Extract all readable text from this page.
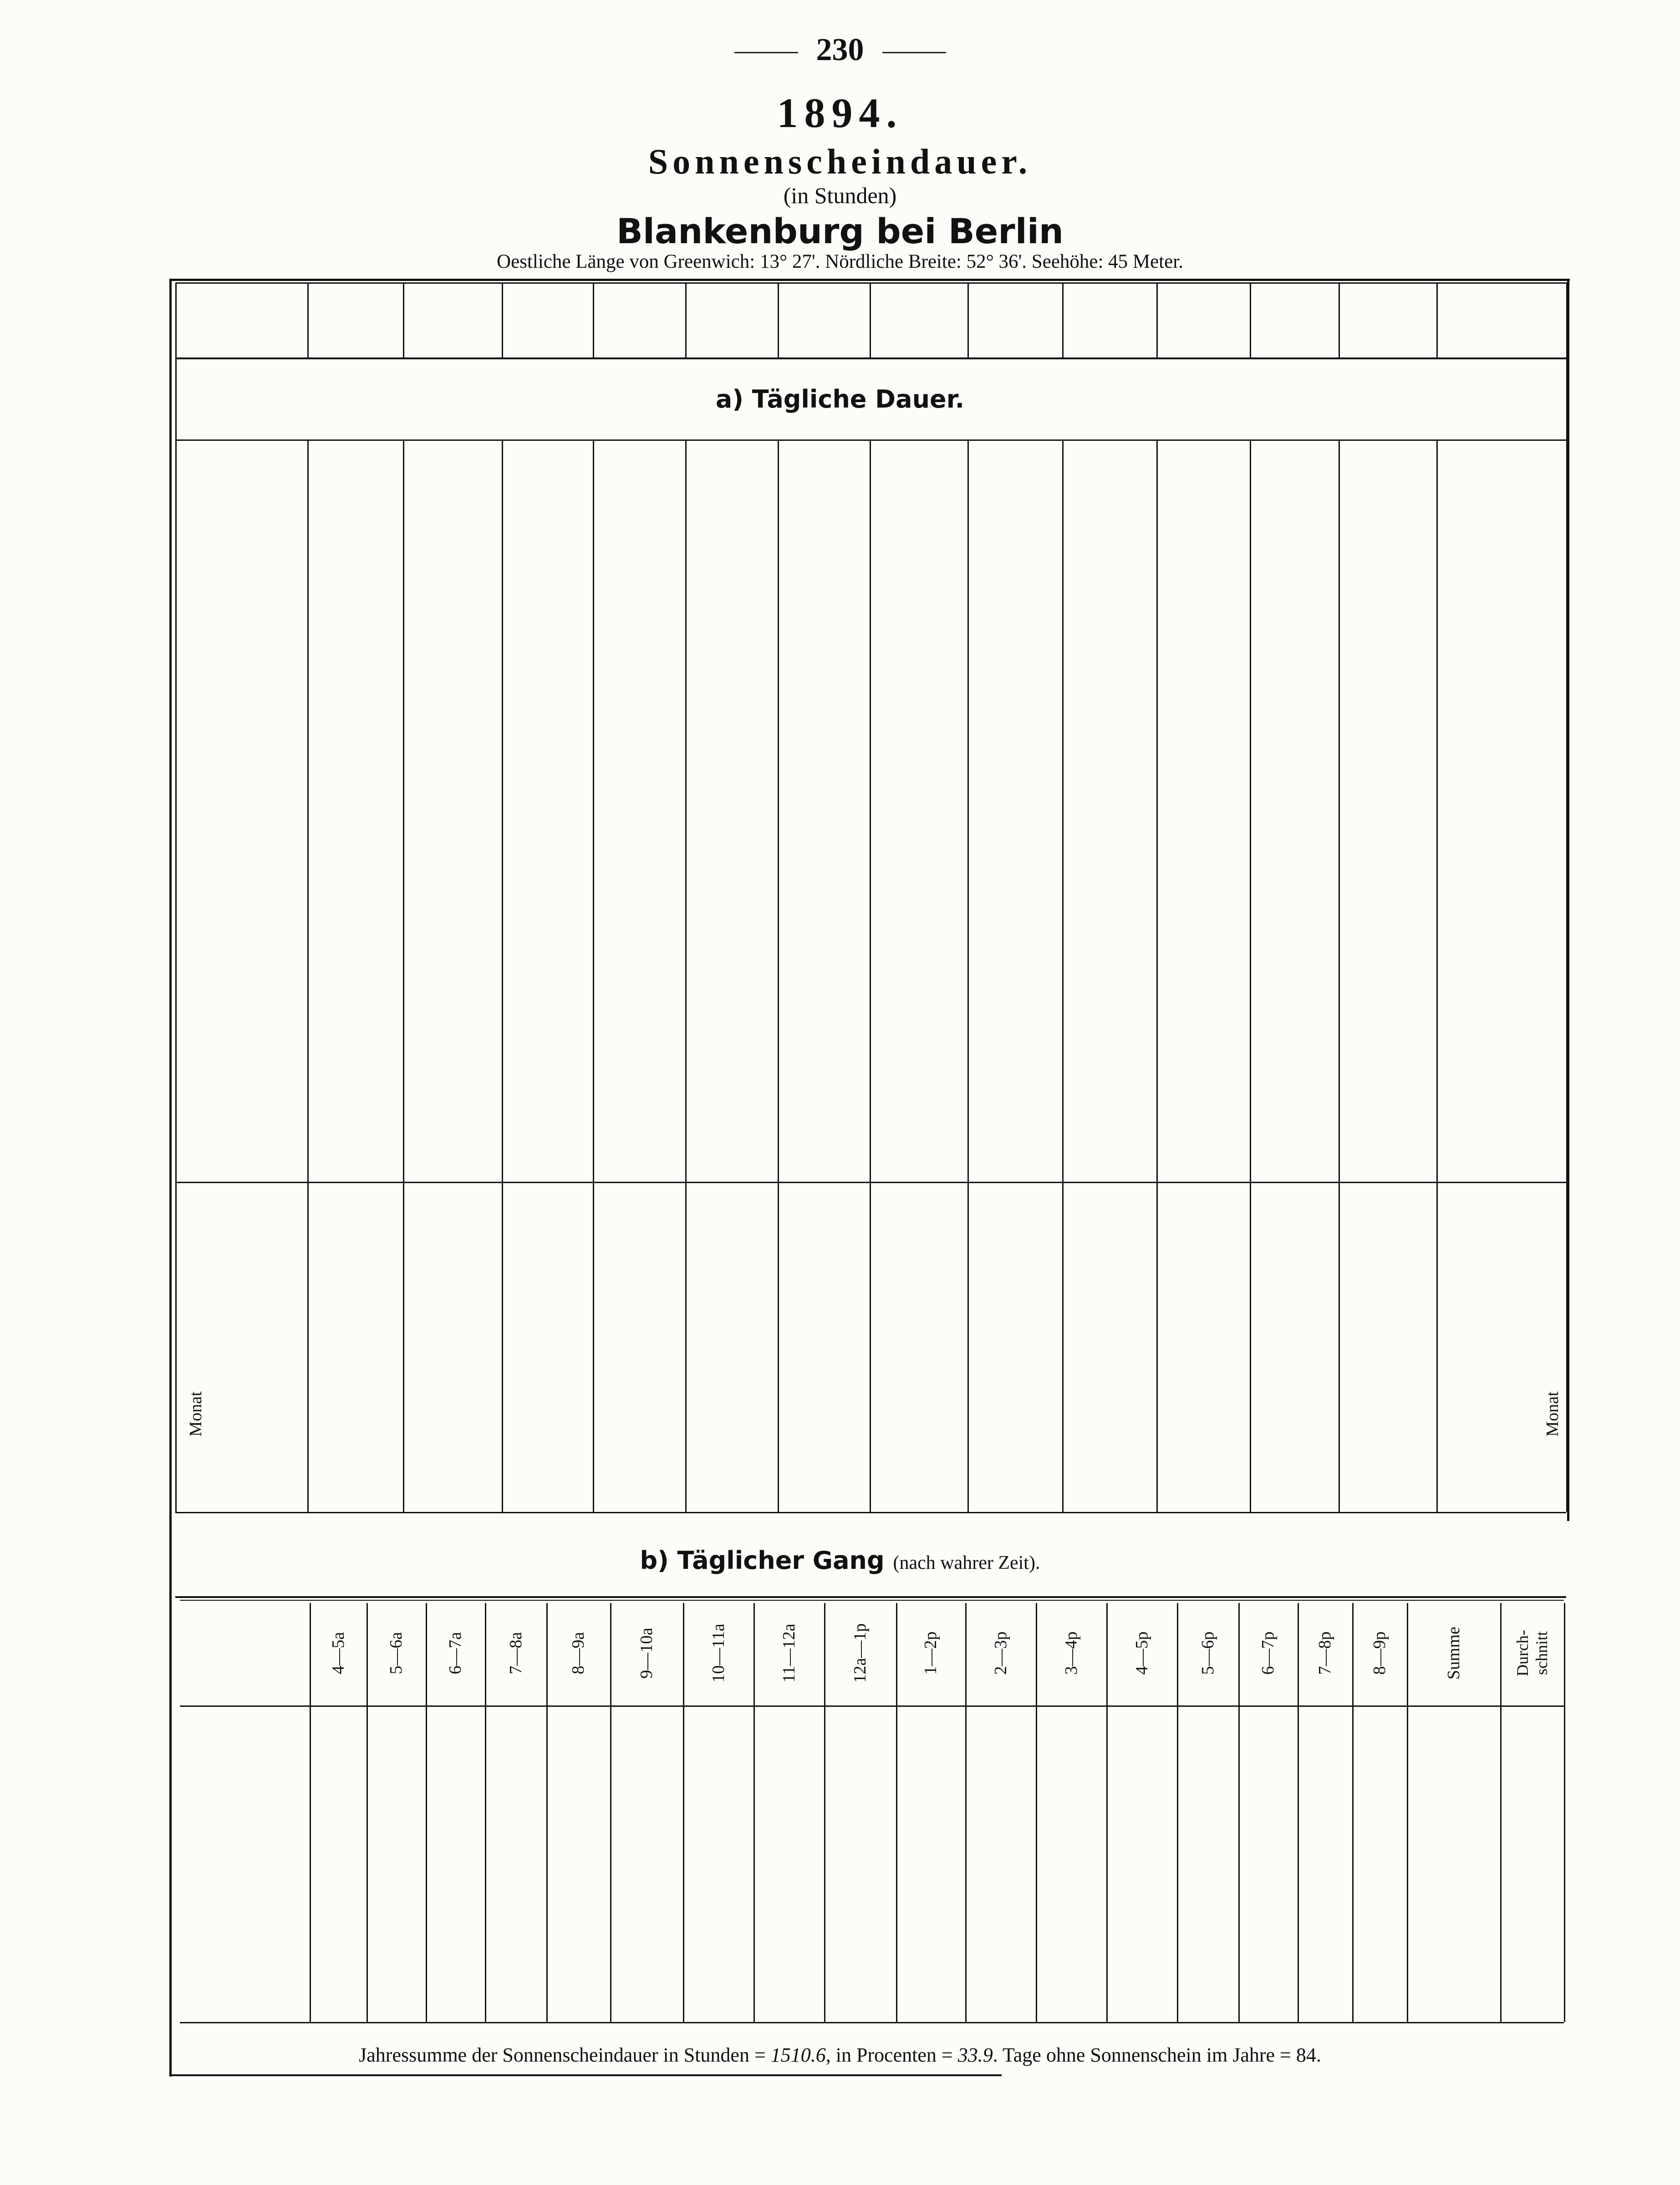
230
1894.
Sonnenscheindauer.
(in Stunden)
Blankenburg bei Berlin
Oestliche Länge von Greenwich: 13° 27'. Nördliche Breite: 52° 36'. Seehöhe: 45 Meter.
a) Tägliche Dauer.
b) Täglicher Gang (nach wahrer Zeit).
Jahressumme der Sonnenscheindauer in Stunden = 1510.6, in Procenten = 33.9. Tage ohne Sonnenschein im Jahre = 84.
Monat	Monat
4—5a 5—6a 6—7a 7—8a	8—9a	9—10a	10—11a	11—12a	12a—1p	1—2p	2—3p	3—4p	4—5p	5—6p 6—7p 7—8p 8—9p	Summe	Durch-schnitt
